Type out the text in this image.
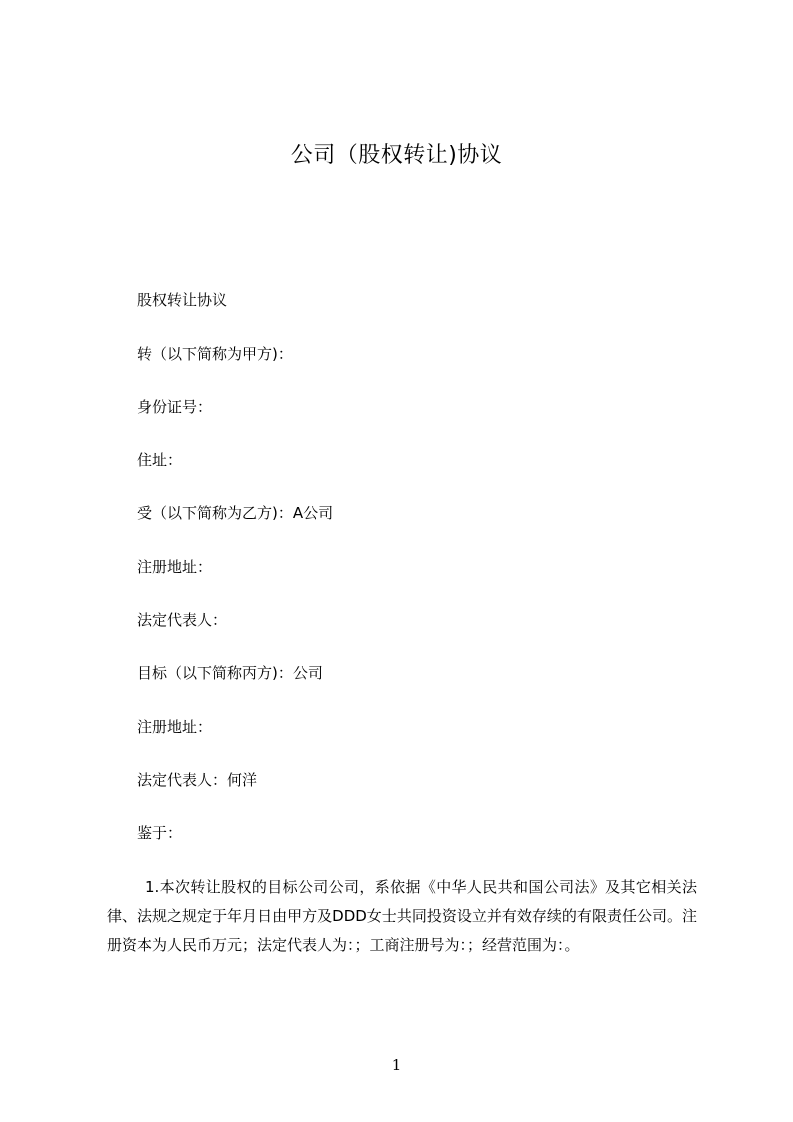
公司（股权转让)协议
股权转让协议
转（以下简称为甲方)：
身份证号：
住址：
受（以下简称为乙方)：A公司
注册地址：
法定代表人：
目标（以下简称丙方)：公司
注册地址：
法定代表人：何洋
鉴于：
1.本次转让股权的目标公司公司，系依据《中华人民共和国公司法》及其它相关法律、法规之规定于年月日由甲方及DDD女士共同投资设立并有效存续的有限责任公司。注册资本为人民币万元；法定代表人为：；工商注册号为：；经营范围为：。
1
